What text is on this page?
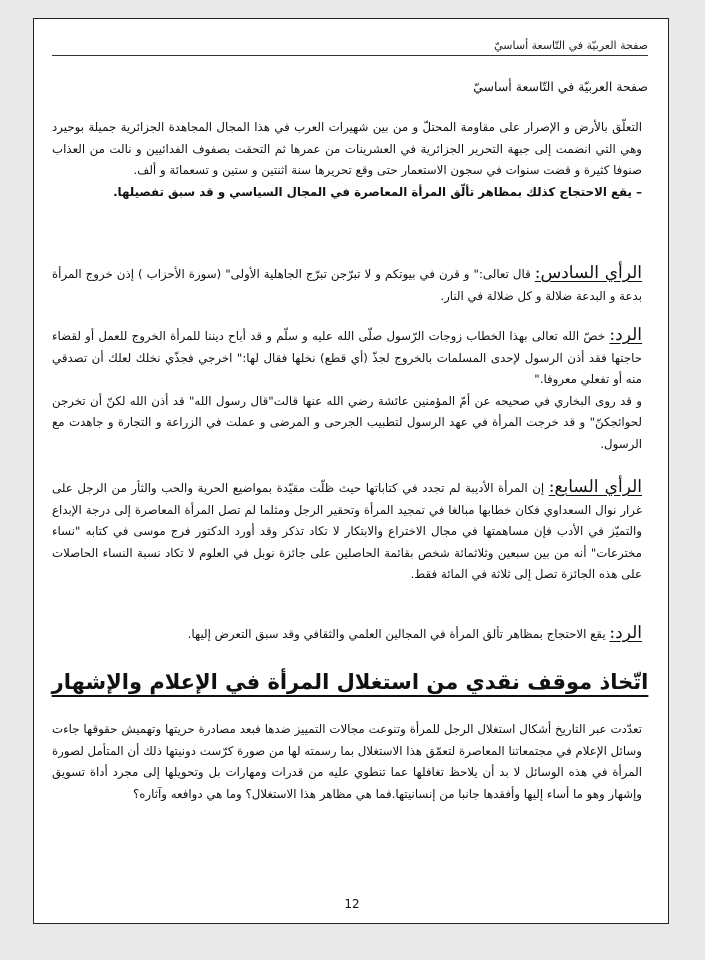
صفحة العربيّة في التّاسعة أساسيّ
صفحة العربيّة في التّاسعة أساسيّ

التعلّق بالأرض و الإصرار على مقاومة المحتلّ و من بين شهيرات العرب في هذا المجال المجاهدة الجزائرية جميلة بوحيرد وهي التي انضمت إلى جبهة التحرير الجزائرية في العشرينات من عمرها ثم التحقت بصفوف الفدائيين و نالت من العذاب صنوفا كثيرة و قضت سنوات في سجون الاستعمار حتى وقع تحريرها سنة اثنتين و ستين و تسعمائة و ألف.

– يقع الاحتجاج كذلك بمظاهر تألّق المرأة المعاصرة في المجال السياسي و قد سبق تفصيلها.

الرأي السادس: قال تعالى:" و قرن في بيوتكم و لا تبرّجن تبرّج الجاهلية الأولى" (سورة الأحزاب ) إذن خروج المرأة بدعة و البدعة ضلالة و كل ضلالة في النار.

الرد: خصّ الله تعالى بهذا الخطاب زوجات الرّسول صلّى الله عليه و سلّم و قد أباح ديننا للمرأة الخروج للعمل أو لقضاء حاجتها فقد أذن الرسول لإحدى المسلمات بالخروج لجذّ (أي قطع) نخلها فقال لها:" اخرجي فجذّي نخلك لعلك أن تصدقي منه أو تفعلي معروفا."

و قد روى البخاري في صحيحه عن أمّ المؤمنين عائشة رضي الله عنها قالت"قال رسول الله" قد أذن الله لكنّ أن تخرجن لحوائجكنّ" و قد خرجت المرأة في عهد الرسول لتطبيب الجرحى و المرضى و عملت في الزراعة و التجارة و جاهدت مع الرسول.

الرأي السابع: إن المرأة الأديبة لم تجدد في كتاباتها حيث ظلّت مقيّدة بمواضيع الحرية والحب والثأر من الرجل على غرار نوال السعداوي فكان خطابها مبالغا في تمجيد المرأة وتحقير الرجل ومثلما لم تصل المرأة المعاصرة إلى درجة الإبداع والتميّز في الأدب فإن مساهمتها في مجال الاختراع والابتكار لا تكاد تذكر وقد أورد الدكتور فرج موسى في كتابه "نساء مخترعات" أنه من بين سبعين وثلاثمائة شخص بقائمة الحاصلين على جائزة نوبل في العلوم لا تكاد نسبة النساء الحاصلات على هذه الجائزة تصل إلى ثلاثة في المائة فقط.

الرد: يقع الاحتجاج بمظاهر تألق المرأة في المجالين العلمي والثقافي وقد سبق التعرض إليها.

اتّخاذ موقف نقدي من استغلال المرأة في الإعلام والإشهار

تعدّدت عبر التاريخ أشكال استغلال الرجل للمرأة وتنوعت مجالات التمييز ضدها فبعد مصادرة حريتها وتهميش حقوقها جاءت وسائل الإعلام في مجتمعاتنا المعاصرة لتعمّق هذا الاستغلال بما رسمته لها من صورة كرّست دونيتها ذلك أن المتأمل لصورة المرأة في هذه الوسائل لا بد أن يلاحظ تغافلها عما تنطوي عليه من قدرات ومهارات بل وتحويلها إلى مجرد أداة تسويق وإشهار وهو ما أساء إليها وأفقدها جانبا من إنسانيتها.فما هي مظاهر هذا الاستغلال؟ وما هي دوافعه وآثاره؟

12
